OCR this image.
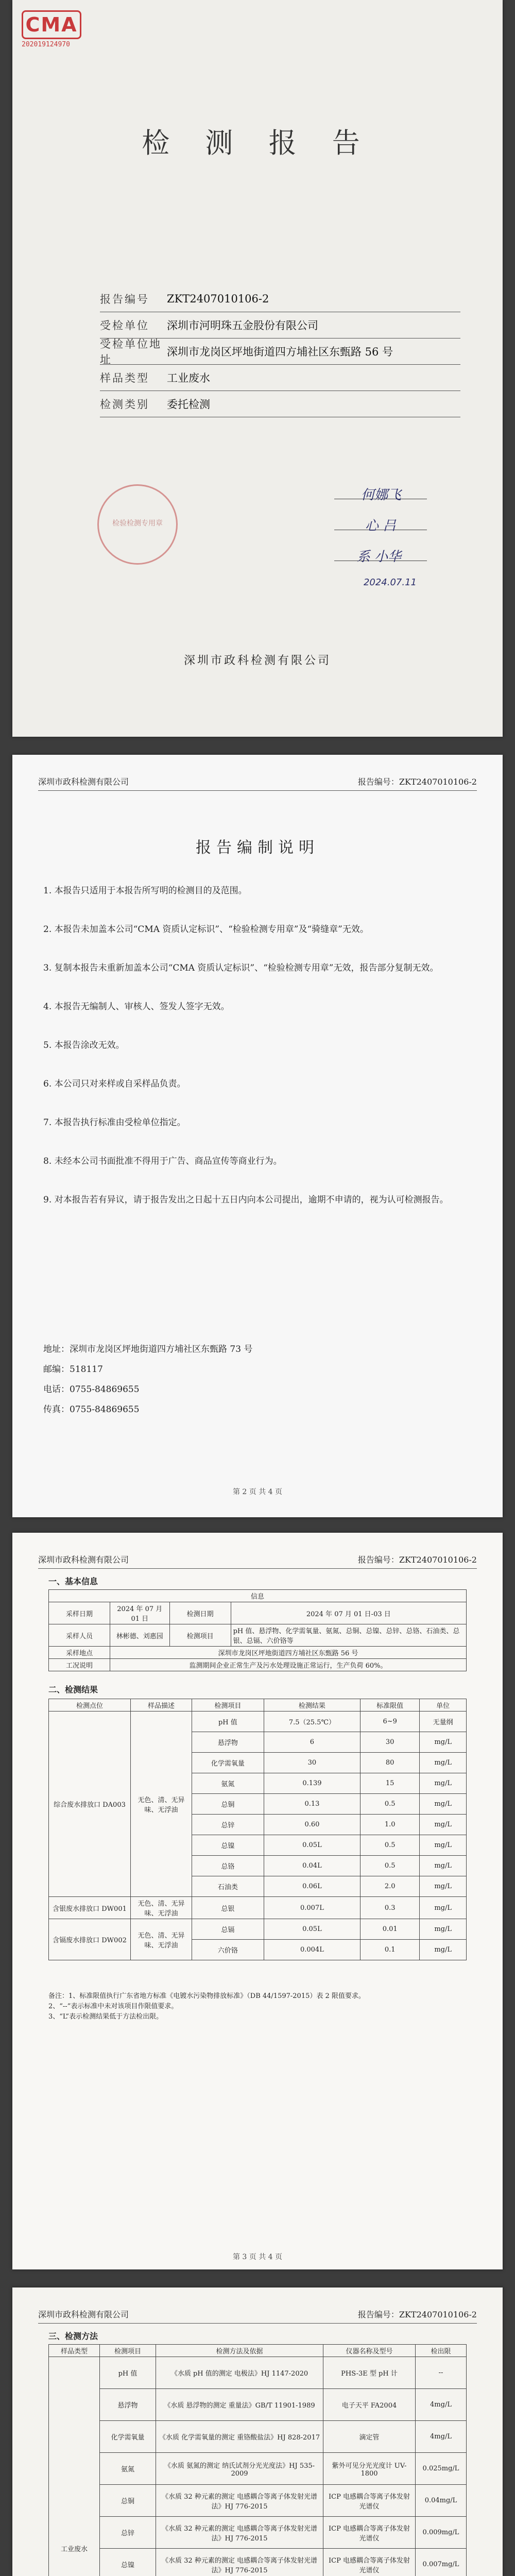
CMA
202019124970
检 测 报 告
报告编号	ZKT2407010106-2
受检单位	深圳市河明珠五金股份有限公司
受检单位地址
深圳市龙岗区坪地街道四方埔社区东甄路 56 号
样品类型	工业废水
检测类别	委托检测
检验检测专用章
何娜飞
心 吕
系 小华
2024.07.11
深圳市政科检测有限公司
深圳市政科检测有限公司	报告编号：ZKT2407010106-2
报告编制说明

1. 本报告只适用于本报告所写明的检测目的及范围。

2. 本报告未加盖本公司“CMA 资质认定标识”、“检验检测专用章”及“骑缝章”无效。

3. 复制本报告未重新加盖本公司“CMA 资质认定标识”、“检验检测专用章”无效，报告部分复制无效。

4. 本报告无编制人、审核人、签发人签字无效。

5. 本报告涂改无效。

6. 本公司只对来样或自采样品负责。

7. 本报告执行标准由受检单位指定。

8. 未经本公司书面批准不得用于广告、商品宣传等商业行为。

9. 对本报告若有异议，请于报告发出之日起十五日内向本公司提出，逾期不申请的，视为认可检测报告。

地址：深圳市龙岗区坪地街道四方埔社区东甄路 73 号
邮编：518117
电话：0755-84869655
传真：0755-84869655
第 2 页 共 4 页
深圳市政科检测有限公司	报告编号：ZKT2407010106-2
一、基本信息
信息			
采样日期	2024 年 07 月 01 日	检测日期	2024 年 07 月 01 日-03 日
采样人员	林彬德、刘惠园	检测项目	pH 值、悬浮物、化学需氧量、氨氮、总铜、总镍、总锌、总铬、石油类、总银、总镉、六价铬等
采样地点	深圳市龙岗区坪地街道四方埔社区东甄路 56 号		
工况说明	监测期间企业正常生产及污水处理设施正常运行，生产负荷 60%。		
二、检测结果
检测点位	样品描述	检测项目	检测结果	标准限值	单位
综合废水排放口 DA003	无色、清、无异味、无浮油	pH 值	7.5（25.5℃）	6~9	无量纲
		悬浮物	6	30	mg/L
		化学需氧量	30	80	mg/L
		氨氮	0.139	15	mg/L
		总铜	0.13	0.5	mg/L
		总锌	0.60	1.0	mg/L
		总镍	0.05L	0.5	mg/L
		总铬	0.04L	0.5	mg/L
		石油类	0.06L	2.0	mg/L
含银废水排放口 DW001	无色、清、无异味、无浮油	总银	0.007L	0.3	mg/L
含镉废水排放口 DW002	无色、清、无异味、无浮油	总镉	0.05L	0.01	mg/L
		六价铬	0.004L	0.1	mg/L

备注：1、标准限值执行广东省地方标准《电镀水污染物排放标准》（DB 44/1597-2015）表 2 限值要求。

2、“--”表示标准中未对该项目作限值要求。

3、“L”表示检测结果低于方法检出限。

第 3 页 共 4 页
深圳市政科检测有限公司	报告编号：ZKT2407010106-2
三、检测方法
样品类型	检测项目	检测方法及依据	仪器名称及型号	检出限
工业废水	pH 值	《水质 pH 值的测定 电极法》HJ 1147-2020	PHS-3E 型 pH 计	--
	悬浮物	《水质 悬浮物的测定 重量法》GB/T 11901-1989	电子天平 FA2004	4mg/L
	化学需氧量	《水质 化学需氧量的测定 重铬酸盐法》HJ 828-2017	滴定管	4mg/L
	氨氮	《水质 氨氮的测定 纳氏试剂分光光度法》HJ 535-2009	紫外可见分光光度计 UV-1800	0.025mg/L
	总铜	《水质 32 种元素的测定 电感耦合等离子体发射光谱法》HJ 776-2015	ICP 电感耦合等离子体发射光谱仪	0.04mg/L
	总锌	《水质 32 种元素的测定 电感耦合等离子体发射光谱法》HJ 776-2015	ICP 电感耦合等离子体发射光谱仪	0.009mg/L
	总镍	《水质 32 种元素的测定 电感耦合等离子体发射光谱法》HJ 776-2015	ICP 电感耦合等离子体发射光谱仪	0.007mg/L
